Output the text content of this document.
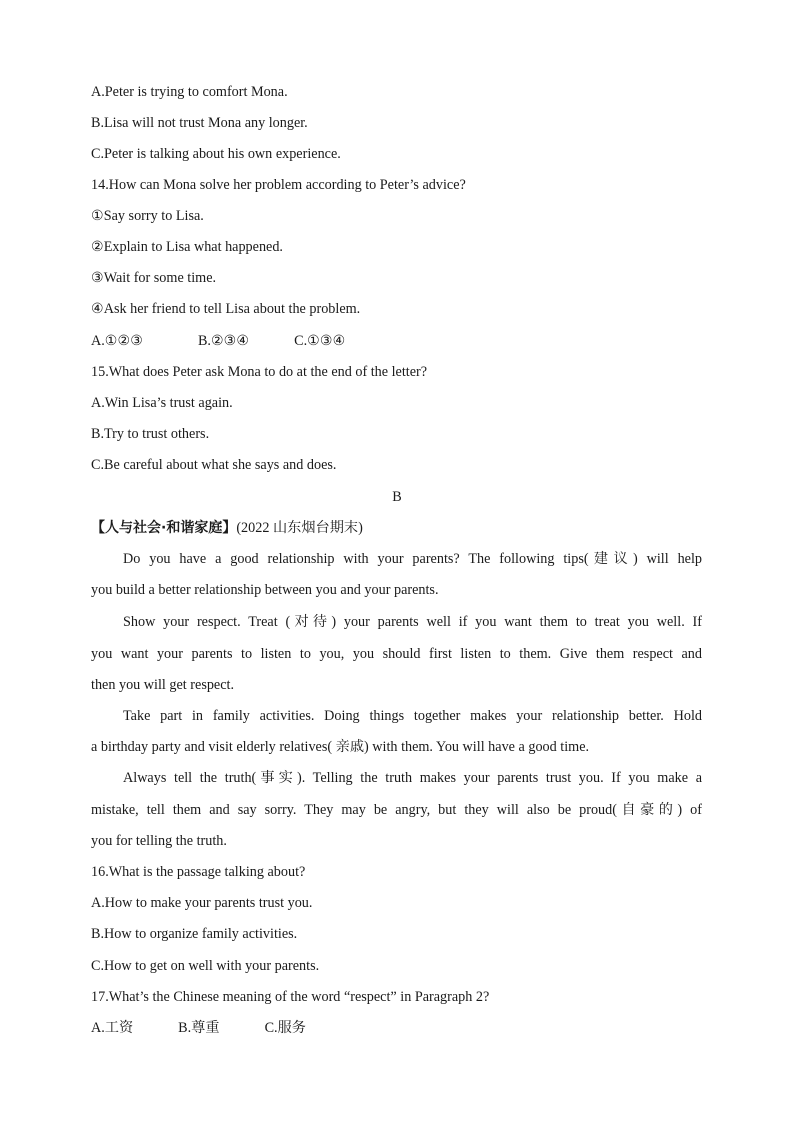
A.Peter is trying to comfort Mona.
B.Lisa will not trust Mona any longer.
C.Peter is talking about his own experience.
14.How can Mona solve her problem according to Peter’s advice?
①Say sorry to Lisa.
②Explain to Lisa what happened.
③Wait for some time.
④Ask her friend to tell Lisa about the problem.
A.①②③	B.②③④	C.①③④
15.What does Peter ask Mona to do at the end of the letter?
A.Win Lisa’s trust again.
B.Try to trust others.
C.Be careful about what she says and does.
B
【人与社会·和谐家庭】(2022 山东烟台期末)
Do you have a good relationship with your parents? The following tips(建议) will help
you build a better relationship between you and your parents.
Show your respect. Treat (对待) your parents well if you want them to treat you well. If
you want your parents to listen to you, you should first listen to them. Give them respect and
then you will get respect.
Take part in family activities. Doing things together makes your relationship better. Hold
a birthday party and visit elderly relatives( 亲戚) with them. You will have a good time.
Always tell the truth(事实). Telling the truth makes your parents trust you. If you make a
mistake, tell them and say sorry. They may be angry, but they will also be proud(自豪的) of
you for telling the truth.
16.What is the passage talking about?
A.How to make your parents trust you.
B.How to organize family activities.
C.How to get on well with your parents.
17.What’s the Chinese meaning of the word “respect” in Paragraph 2?
A.工资	B.尊重	C.服务
